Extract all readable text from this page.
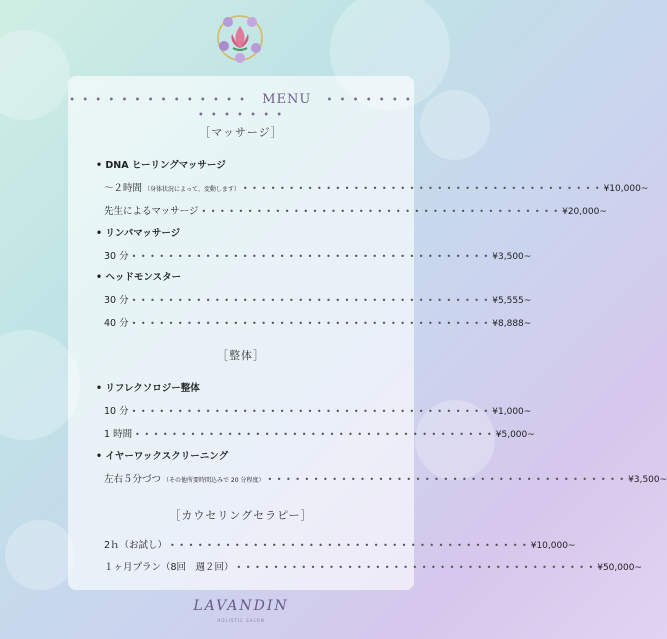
• • • • • • • • • • • • • • MENU • • • • • • • • • • • • • •
［マッサージ］
• DNA ヒーリングマッサージ
～２時間 （身体状況によって、変動します） • • • • • • • • • • • • • • • • • • • • • • • • • • • • • • • • • • • • • • • ¥10,000~
先生によるマッサージ • • • • • • • • • • • • • • • • • • • • • • • • • • • • • • • • • • • • • • • ¥20,000~
• リンパマッサージ
30 分 • • • • • • • • • • • • • • • • • • • • • • • • • • • • • • • • • • • • • • • ¥3,500~
• ヘッドモンスター
30 分 • • • • • • • • • • • • • • • • • • • • • • • • • • • • • • • • • • • • • • • ¥5,555~
40 分 • • • • • • • • • • • • • • • • • • • • • • • • • • • • • • • • • • • • • • • ¥8,888~
［整体］
• リフレクソロジー整体
10 分 • • • • • • • • • • • • • • • • • • • • • • • • • • • • • • • • • • • • • • • ¥1,000~
1 時間 • • • • • • • • • • • • • • • • • • • • • • • • • • • • • • • • • • • • • • • ¥5,000~
• イヤーワックスクリーニング
左右５分づつ （その他所要時間込みで 20 分程度） • • • • • • • • • • • • • • • • • • • • • • • • • • • • • • • • • • • • • • • ¥3,500~
［カウセリングセラピー］
2ｈ（お試し） • • • • • • • • • • • • • • • • • • • • • • • • • • • • • • • • • • • • • • • ¥10,000~
１ヶ月プラン（8回　週２回） • • • • • • • • • • • • • • • • • • • • • • • • • • • • • • • • • • • • • • • ¥50,000~
LAVANDIN
HOLISTIC SALON
